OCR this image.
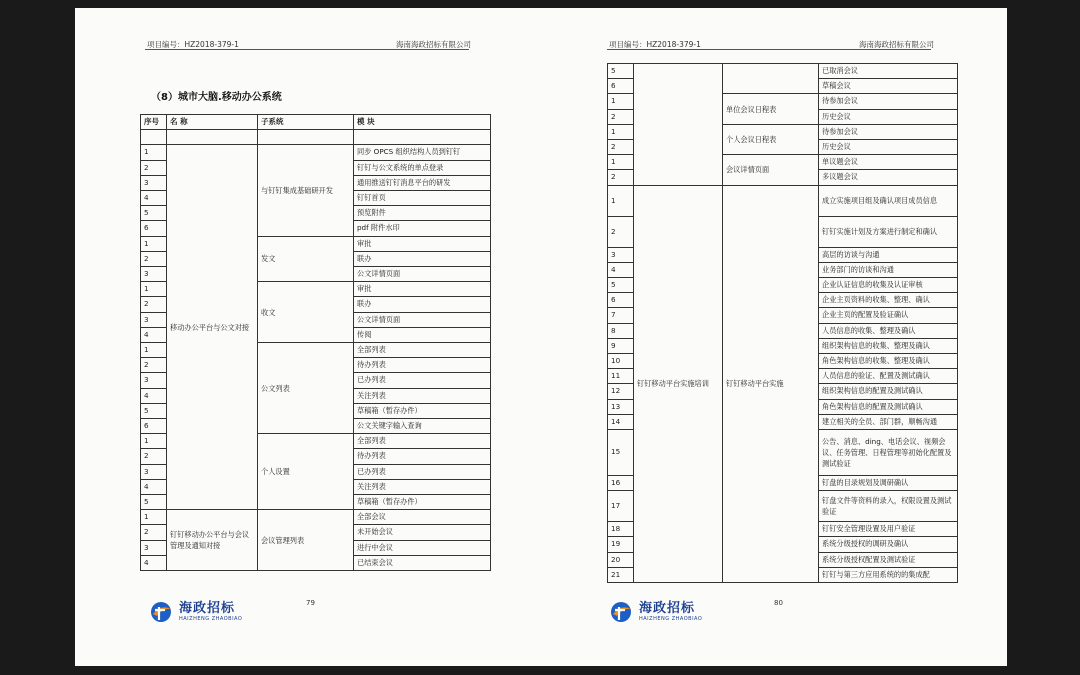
项目编号：HZ2018-379-1	海南海政招标有限公司
（8）城市大脑.移动办公系统
序号	名 称	子系统	模 块

1	移动办公平台与公文对接	与钉钉集成基础研开发	同步 OPCS 组织结构人员到钉钉
2			钉钉与公文系统的单点登录
3			通用推送钉钉消息平台的研发
4			钉钉首页
5			预览附件
6			pdf 附件水印
1		发文	审批
2			联办
3			公文详情页面
1		收文	审批
2			联办
3			公文详情页面
4			传阅
1		公文列表	全部列表
2			待办列表
3			已办列表
4			关注列表
5			草稿箱（暂存办件）
6			公文关键字输入查询
1		个人设置	全部列表
2			待办列表
3			已办列表
4			关注列表
5			草稿箱（暂存办件）
1	钉钉移动办公平台与会议管理及通知对接	会议管理列表	全部会议
2			未开始会议
3			进行中会议
4			已结束会议
海政招标
HAIZHENG ZHAOBIAO
79
项目编号：HZ2018-379-1	海南海政招标有限公司
5			已取消会议
6			草稿会议
1		单位会议日程表	待参加会议
2			历史会议
1		个人会议日程表	待参加会议
2			历史会议
1		会议详情页面	单议题会议
2			多议题会议
1	钉钉移动平台实施培训	钉钉移动平台实施	成立实施项目组及确认项目成员信息
2			钉钉实施计划及方案进行制定和确认
3			高层的访谈与沟通
4			业务部门的访谈和沟通
5			企业认证信息的收集及认证审核
6			企业主页资料的收集、整理、确认
7			企业主页的配置及验证确认
8			人员信息的收集、整理及确认
9			组织架构信息的收集、整理及确认
10			角色架构信息的收集、整理及确认
11			人员信息的验证、配置及测试确认
12			组织架构信息的配置及测试确认
13			角色架构信息的配置及测试确认
14			建立相关的全员、部门群，顺畅沟通
15			公告、消息、ding、电话会议、视频会议、任务管理、日程管理等初始化配置及测试验证
16			钉盘的目录规划及调研确认
17			钉盘文件等资料的录入，权限设置及测试验证
18			钉钉安全管理设置及用户验证
19			系统分级授权的调研及确认
20			系统分级授权配置及测试验证
21			钉钉与第三方应用系统的的集成配
海政招标
HAIZHENG ZHAOBIAO
80
